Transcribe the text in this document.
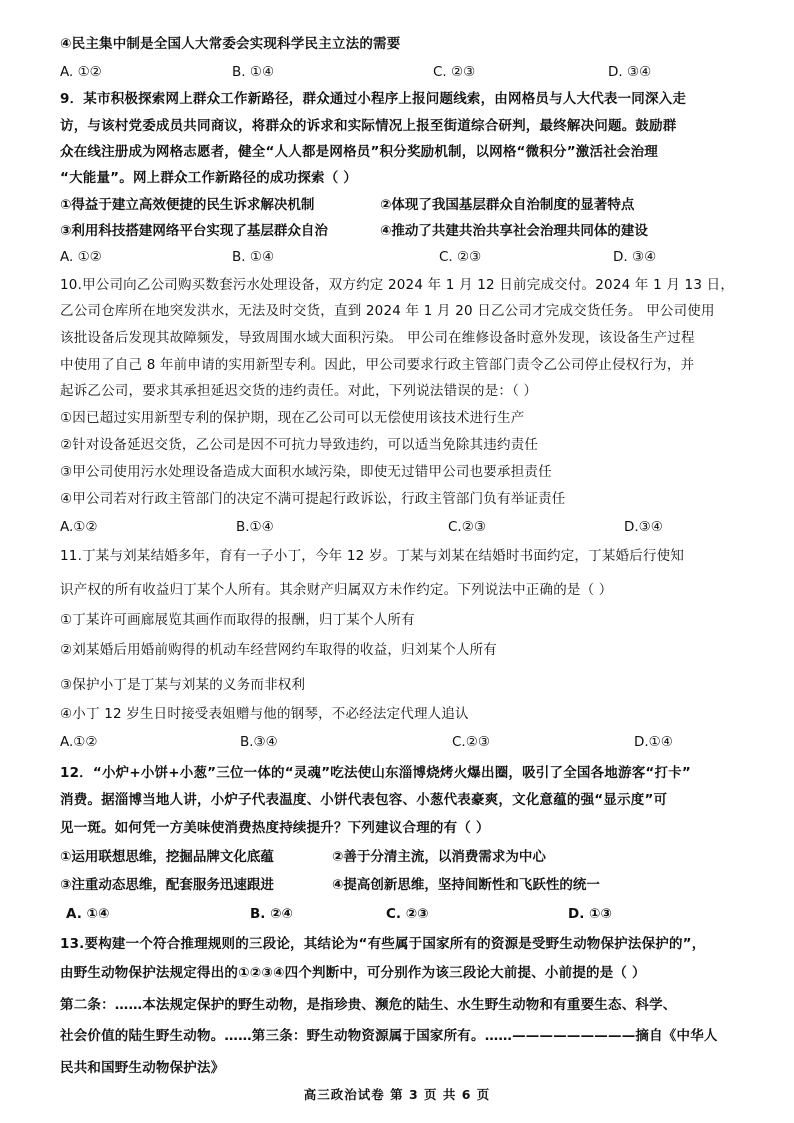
④民主集中制是全国人大常委会实现科学民主立法的需要
A. ①②	B. ①④	C. ②③	D. ③④
9．某市积极探索网上群众工作新路径，群众通过小程序上报问题线索，由网格员与人大代表一同深入走
访，与该村党委成员共同商议，将群众的诉求和实际情况上报至街道综合研判，最终解决问题。鼓励群
众在线注册成为网格志愿者，健全“人人都是网格员”积分奖励机制，以网格“微积分”激活社会治理
“大能量”。网上群众工作新路径的成功探索（ ）
①得益于建立高效便捷的民生诉求解决机制	②体现了我国基层群众自治制度的显著特点
③利用科技搭建网络平台实现了基层群众自治	④推动了共建共治共享社会治理共同体的建设
A. ①②	B. ①④	C. ②③	D. ③④
10.甲公司向乙公司购买数套污水处理设备，双方约定 2024 年 1 月 12 日前完成交付。2024 年 1 月 13 日，
乙公司仓库所在地突发洪水，无法及时交货，直到 2024 年 1 月 20 日乙公司才完成交货任务。 甲公司使用
该批设备后发现其故障频发，导致周围水域大面积污染。 甲公司在维修设备时意外发现，该设备生产过程
中使用了自己 8 年前申请的实用新型专利。因此，甲公司要求行政主管部门责令乙公司停止侵权行为，并
起诉乙公司，要求其承担延迟交货的违约责任。对此，下列说法错误的是：（ ）
①因已超过实用新型专利的保护期，现在乙公司可以无偿使用该技术进行生产
②针对设备延迟交货，乙公司是因不可抗力导致违约，可以适当免除其违约责任
③甲公司使用污水处理设备造成大面积水域污染，即使无过错甲公司也要承担责任
④甲公司若对行政主管部门的决定不满可提起行政诉讼，行政主管部门负有举证责任
A.①②	B.①④	C.②③	D.③④
11.丁某与刘某结婚多年，育有一子小丁，今年 12 岁。丁某与刘某在结婚时书面约定，丁某婚后行使知
识产权的所有收益归丁某个人所有。其余财产归属双方未作约定。下列说法中正确的是（ ）
①丁某许可画廊展览其画作而取得的报酬，归丁某个人所有
②刘某婚后用婚前购得的机动车经营网约车取得的收益，归刘某个人所有
③保护小丁是丁某与刘某的义务而非权利
④小丁 12 岁生日时接受表姐赠与他的钢琴，不必经法定代理人追认
A.①②	B.③④	C.②③	D.①④
12．“小炉+小饼+小葱”三位一体的“灵魂”吃法使山东淄博烧烤火爆出圈，吸引了全国各地游客“打卡”
消费。据淄博当地人讲，小炉子代表温度、小饼代表包容、小葱代表豪爽，文化意蕴的强“显示度”可
见一斑。如何凭一方美味使消费热度持续提升？下列建议合理的有（ ）
①运用联想思维，挖掘品牌文化底蕴	②善于分清主流，以消费需求为中心
③注重动态思维，配套服务迅速跟进	④提高创新思维，坚持间断性和飞跃性的统一
A. ①④	B. ②④	C. ②③	D. ①③
13.要构建一个符合推理规则的三段论，其结论为“有些属于国家所有的资源是受野生动物保护法保护的”，
由野生动物保护法规定得出的①②③④四个判断中，可分别作为该三段论大前提、小前提的是（ ）
第二条：……本法规定保护的野生动物，是指珍贵、濒危的陆生、水生野生动物和有重要生态、科学、
社会价值的陆生野生动物。……第三条：野生动物资源属于国家所有。……—————————摘自《中华人
民共和国野生动物保护法》
高三政治试卷 第 3 页 共 6 页
